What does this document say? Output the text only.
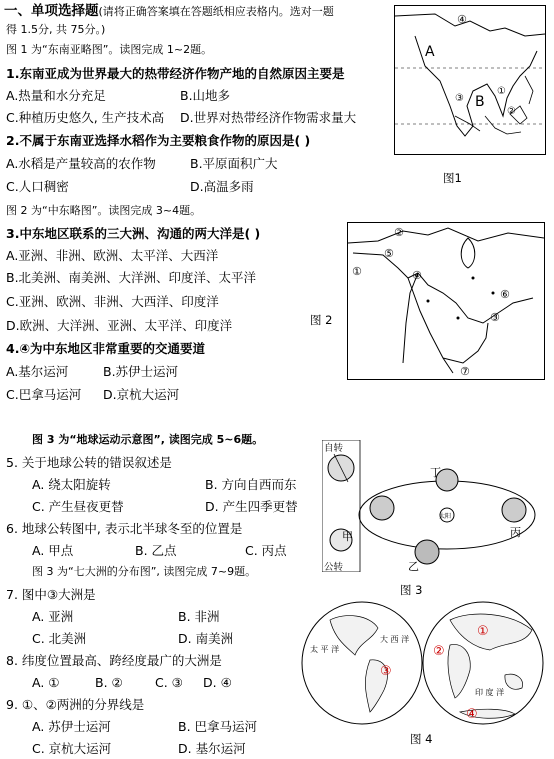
一、单项选择题(请将正确答案填在答题纸相应表格内。选对一题
得 1.5分, 共 75分。)
图 1 为“东南亚略图”。读图完成 1~2题。
1.东南亚成为世界最大的热带经济作物产地的自然原因主要是
A.热量和水分充足	B.山地多
C.种植历史悠久, 生产技术高 D.世界对热带经济作物需求量大
2.不属于东南亚选择水稻作为主要粮食作物的原因是( )
A.水稻是产量较高的农作物	B.平原面积广大
C.人口稠密	D.高温多雨
图 2 为“中东略图”。读图完成 3~4题。
3.中东地区联系的三大洲、沟通的两大洋是( )
A.亚洲、非洲、欧洲、太平洋、大西洋
B.北美洲、南美洲、大洋洲、印度洋、太平洋
C.亚洲、欧洲、非洲、大西洋、印度洋
D.欧洲、大洋洲、亚洲、太平洋、印度洋
4.④为中东地区非常重要的交通要道
A.基尔运河	B.苏伊士运河
C.巴拿马运河 D.京杭大运河
图 3 为“地球运动示意图”, 读图完成 5~6题。
5. 关于地球公转的错误叙述是
A. 绕太阳旋转	B. 方向自西而东
C. 产生昼夜更替	D. 产生四季更替
6. 地球公转图中, 表示北半球冬至的位置是
A. 甲点	B. 乙点	C. 丙点
图 3 为“七大洲的分布图”, 读图完成 7~9题。
7. 图中③大洲是
A. 亚洲	B. 非洲
C. 北美洲	D. 南美洲
8. 纬度位置最高、跨经度最广的大洲是
A. ①	B. ②	C. ③ D. ④
9. ①、②两洲的分界线是
A. 苏伊士运河	B. 巴拿马运河
C. 京杭大运河	D. 基尔运河
④
A
B
①
②
③
图1
②
⑤
①	④
⑥
③
⑦
图 2
自转
公转
甲
乙
丙
丁
太阳
图 3
太 平 洋
大 西 洋
印 度 洋
①
②
③
④
图 4
